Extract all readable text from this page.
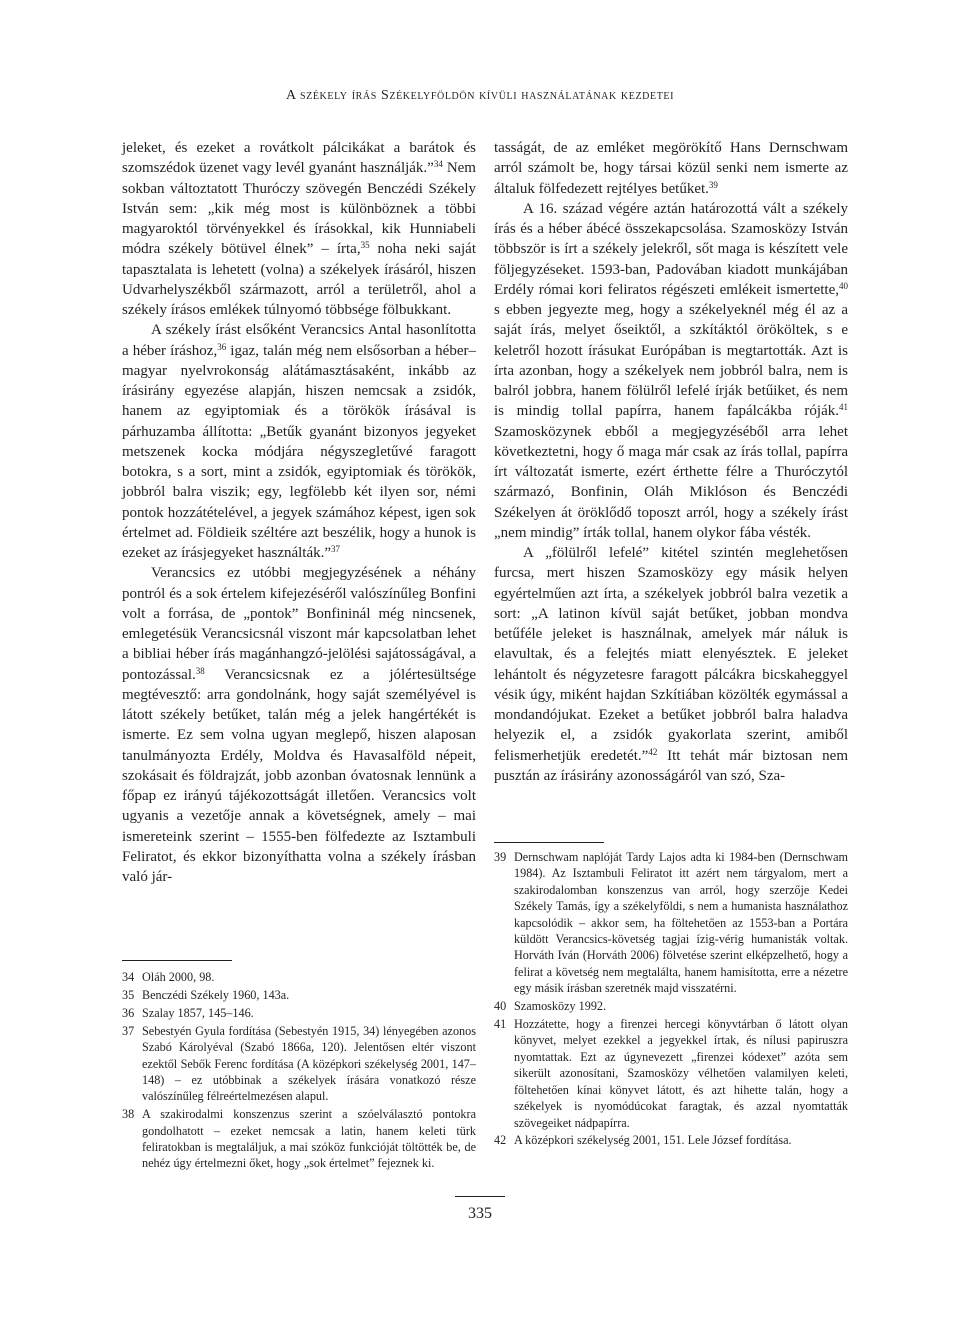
A székely írás Székelyföldön kívüli használatának kezdetei

jeleket, és ezeket a rovátkolt pálcikákat a barátok és szomszédok üzenet vagy levél gyanánt használják.”$^{34}$ Nem sokban változtatott Thuróczy szövegén Benczédi Székely István sem: „kik még most is különböznek a többi magyaroktól törvényekkel és írásokkal, kik Hunniabeli módra székely bötüvel élnek” – írta,$^{35}$ noha neki saját tapasztalata is lehetett (volna) a székelyek írásáról, hiszen Udvarhelyszékből származott, arról a területről, ahol a székely írásos emlékek túlnyomó többsége fölbukkant.

A székely írást elsőként Verancsics Antal hasonlította a héber íráshoz,$^{36}$ igaz, talán még nem elsősorban a héber–magyar nyelvrokonság alátámasztásaként, inkább az írásirány egyezése alapján, hiszen nemcsak a zsidók, hanem az egyiptomiak és a törökök írásával is párhuzamba állította: „Betűk gyanánt bizonyos jegyeket metszenek kocka módjára négyszegletűvé faragott botokra, s a sort, mint a zsidók, egyiptomiak és törökök, jobbról balra viszik; egy, legfölebb két ilyen sor, némi pontok hozzátételével, a jegyek számához képest, igen sok értelmet ad. Földieik széltére azt beszélik, hogy a hunok is ezeket az írásjegyeket használták.”$^{37}$

Verancsics ez utóbbi megjegyzésének a néhány pontról és a sok értelem kifejezéséről valószínűleg Bonfini volt a forrása, de „pontok” Bonfininál még nincsenek, emlegetésük Verancsicsnál viszont már kapcsolatban lehet a bibliai héber írás magánhangzó-jelölési sajátosságával, a pontozással.$^{38}$ Verancsicsnak ez a jólértesültsége megtévesztő: arra gondolnánk, hogy saját személyével is látott székely betűket, talán még a jelek hangértékét is ismerte. Ez sem volna ugyan meglepő, hiszen alaposan tanulmányozta Erdély, Moldva és Havasalföld népeit, szokásait és földrajzát, jobb azonban óvatosnak lennünk a főpap ez irányú tájékozottságát illetően. Verancsics volt ugyanis a vezetője annak a követségnek, amely – mai ismereteink szerint – 1555-ben fölfedezte az Isztambuli Feliratot, és ekkor bizonyíthatta volna a székely írásban való jár-

tasságát, de az emléket megörökítő Hans Dernschwam arról számolt be, hogy társai közül senki nem ismerte az általuk fölfedezett rejtélyes betűket.$^{39}$

A 16. század végére aztán határozottá vált a székely írás és a héber ábécé összekapcsolása. Szamosközy István többször is írt a székely jelekről, sőt maga is készített vele följegyzéseket. 1593-ban, Padovában kiadott munkájában Erdély római kori feliratos régészeti emlékeit ismertette,$^{40}$ s ebben jegyezte meg, hogy a székelyeknél még él az a saját írás, melyet őseiktől, a szkítáktól örököltek, s e keletről hozott írásukat Európában is megtartották. Azt is írta azonban, hogy a székelyek nem jobbról balra, nem is balról jobbra, hanem fölülről lefelé írják betűiket, és nem is mindig tollal papírra, hanem fapálcákba róják.$^{41}$ Szamosközynek ebből a megjegyzéséből arra lehet következtetni, hogy ő maga már csak az írás tollal, papírra írt változatát ismerte, ezért érthette félre a Thuróczytól származó, Bonfinin, Oláh Miklóson és Benczédi Székelyen át öröklődő toposzt arról, hogy a székely írást „nem mindig” írták tollal, hanem olykor fába vésték.

A „fölülről lefelé” kitétel szintén meglehetősen furcsa, mert hiszen Szamosközy egy másik helyen egyértelműen azt írta, a székelyek jobbról balra vezetik a sort: „A latinon kívül saját betűket, jobban mondva betűféle jeleket is használnak, amelyek már náluk is elavultak, és a felejtés miatt elenyésztek. E jeleket lehántolt és négyzetesre faragott pálcákra bicskaheggyel vésik úgy, miként hajdan Szkítiában közölték egymással a mondandójukat. Ezeket a betűket jobbról balra haladva helyezik el, a zsidók gyakorlata szerint, amiből felismerhetjük eredetét.”$^{42}$ Itt tehát már biztosan nem pusztán az írásirány azonosságáról van szó, Sza-

34 Oláh 2000, 98.
35 Benczédi Székely 1960, 143a.
36 Szalay 1857, 145–146.
37 Sebestyén Gyula fordítása (Sebestyén 1915, 34) lényegében azonos Szabó Károlyéval (Szabó 1866a, 120). Jelentősen eltér viszont ezektől Sebők Ferenc fordítása (A középkori székelység 2001, 147–148) – ez utóbbinak a székelyek írására vonatkozó része valószínűleg félreértelmezésen alapul.
38 A szakirodalmi konszenzus szerint a szóelválasztó pontokra gondolhatott – ezeket nemcsak a latin, hanem keleti türk feliratokban is megtaláljuk, a mai szóköz funkcióját töltötték be, de nehéz úgy értelmezni őket, hogy „sok értelmet” fejeznek ki.
39 Dernschwam naplóját Tardy Lajos adta ki 1984-ben (Dernschwam 1984). Az Isztambuli Feliratot itt azért nem tárgyalom, mert a szakirodalomban konszenzus van arról, hogy szerzője Kedei Székely Tamás, így a székelyföldi, s nem a humanista használathoz kapcsolódik – akkor sem, ha föltehetően az 1553-ban a Portára küldött Verancsics-követség tagjai ízig-vérig humanisták voltak. Horváth Iván (Horváth 2006) fölvetése szerint elképzelhető, hogy a felirat a követség nem megtalálta, hanem hamisította, erre a nézetre egy másik írásban szeretnék majd visszatérni.
40 Szamosközy 1992.
41 Hozzátette, hogy a firenzei hercegi könyvtárban ő látott olyan könyvet, melyet ezekkel a jegyekkel írtak, és nílusi papiruszra nyomtattak. Ezt az úgynevezett „firenzei kódexet” azóta sem sikerült azonosítani, Szamosközy vélhetően valamilyen keleti, föltehetően kínai könyvet látott, és azt hihette talán, hogy a székelyek is nyomódúcokat faragtak, és azzal nyomtatták szövegeiket nádpapírra.
42 A középkori székelység 2001, 151. Lele József fordítása.
335
